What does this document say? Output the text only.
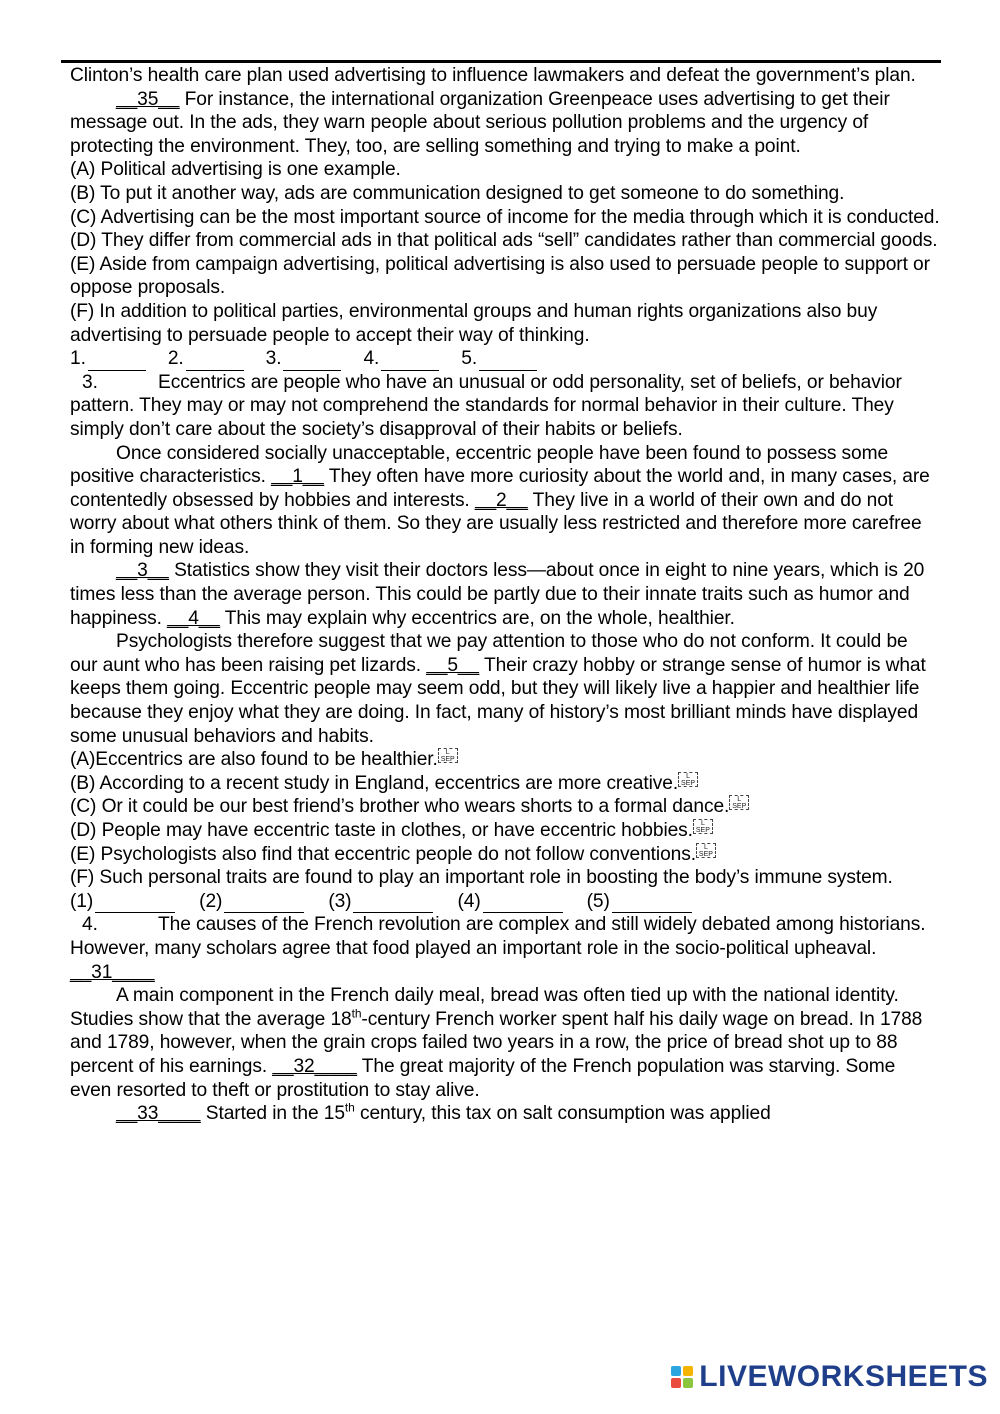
Clinton’s health care plan used advertising to influence lawmakers and defeat the government’s plan.

__35__ For instance, the international organization Greenpeace uses advertising to get their message out. In the ads, they warn people about serious pollution problems and the urgency of protecting the environment. They, too, are selling something and trying to make a point.

(A) Political advertising is one example.

(B) To put it another way, ads are communication designed to get someone to do something.

(C) Advertising can be the most important source of income for the media through which it is conducted.

(D) They differ from commercial ads in that political ads “sell” candidates rather than commercial goods.

(E) Aside from campaign advertising, political advertising is also used to persuade people to support or oppose proposals.

(F) In addition to political parties, environmental groups and human rights organizations also buy advertising to persuade people to accept their way of thinking.

1.	2.	3.	4.	5.

3.	Eccentrics are people who have an unusual or odd personality, set of beliefs, or behavior pattern. They may or may not comprehend the standards for normal behavior in their culture. They simply don’t care about the society’s disapproval of their habits or beliefs.

Once considered socially unacceptable, eccentric people have been found to possess some positive characteristics. __1__ They often have more curiosity about the world and, in many cases, are contentedly obsessed by hobbies and interests. __2__ They live in a world of their own and do not worry about what others think of them. So they are usually less restricted and therefore more carefree in forming new ideas.

__3__ Statistics show they visit their doctors less—about once in eight to nine years, which is 20 times less than the average person. This could be partly due to their innate traits such as humor and happiness. __4__ This may explain why eccentrics are, on the whole, healthier.

Psychologists therefore suggest that we pay attention to those who do not conform. It could be our aunt who has been raising pet lizards. __5__ Their crazy hobby or strange sense of humor is what keeps them going. Eccentric people may seem odd, but they will likely live a happier and healthier life because they enjoy what they are doing. In fact, many of history’s most brilliant minds have displayed some unusual behaviors and habits.

(A)Eccentrics are also found to be healthier.	L
SEP

(B) According to a recent study in England, eccentrics are more creative.	L
SEP

(C) Or it could be our best friend’s brother who wears shorts to a formal dance.	L
SEP

(D) People may have eccentric taste in clothes, or have eccentric hobbies.	L
SEP

(E) Psychologists also find that eccentric people do not follow conventions.	L
SEP

(F) Such personal traits are found to play an important role in boosting the body’s immune system.

(1)	(2)	(3)	(4)	(5)

4.	The causes of the French revolution are complex and still widely debated among historians. However, many scholars agree that food played an important role in the socio-political upheaval. __31____

A main component in the French daily meal, bread was often tied up with the national identity. Studies show that the average 18th-century French worker spent half his daily wage on bread. In 1788 and 1789, however, when the grain crops failed two years in a row, the price of bread shot up to 88 percent of his earnings. __32____ The great majority of the French population was starving. Some even resorted to theft or prostitution to stay alive.

__33____ Started in the 15th century, this tax on salt consumption was applied

LIVEWORKSHEETS
